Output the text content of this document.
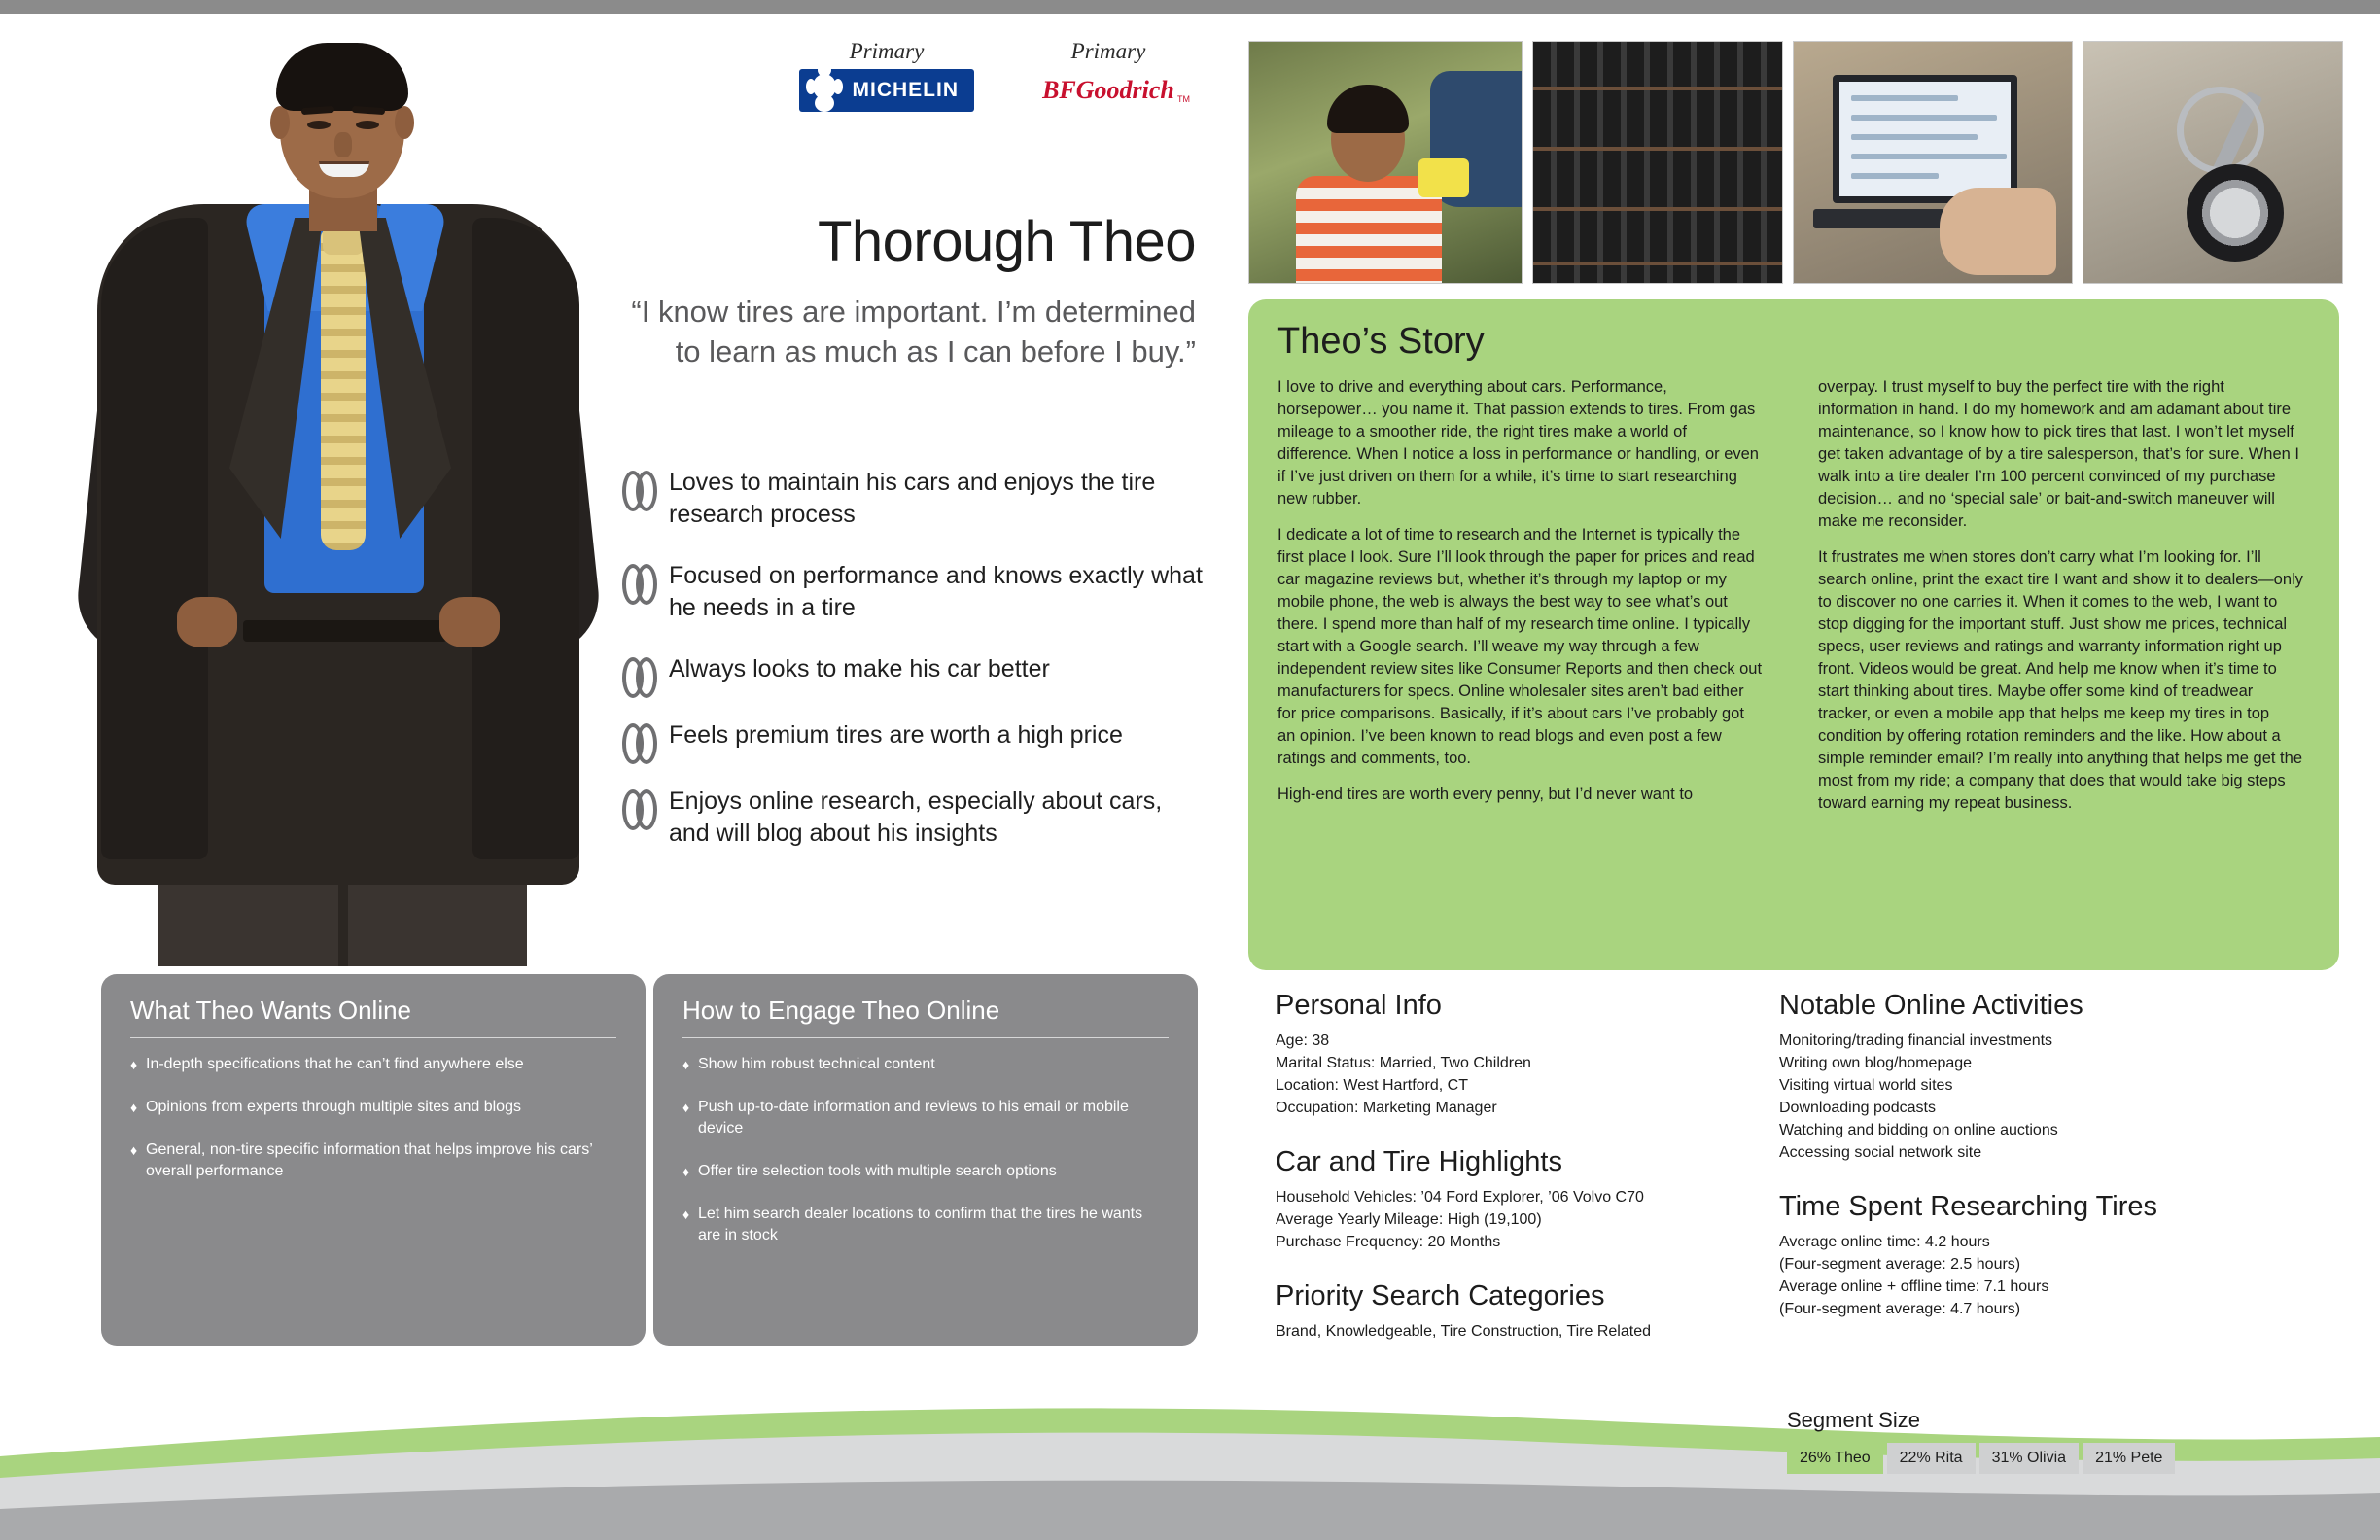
Primary
MICHELIN
Primary
BFGoodrich TM
Thorough Theo
“I know tires are important. I’m determined to learn as much as I can before I buy.”
Loves to maintain his cars and enjoys the tire research process
Focused on performance and knows exactly what he needs in a tire
Always looks to make his car better
Feels premium tires are worth a high price
Enjoys online research, especially about cars, and will blog about his insights
What Theo Wants Online
♦ In-depth specifications that he can’t find anywhere else
♦ Opinions from experts through multiple sites and blogs
♦ General, non-tire specific information that helps improve his cars’ overall performance
How to Engage Theo Online
♦ Show him robust technical content
♦ Push up-to-date information and reviews to his email or mobile device
♦ Offer tire selection tools with multiple search options
♦ Let him search dealer locations to confirm that the tires he wants are in stock
Theo’s Story

I love to drive and everything about cars. Performance, horsepower… you name it. That passion extends to tires. From gas mileage to a smoother ride, the right tires make a world of difference. When I notice a loss in performance or handling, or even if I’ve just driven on them for a while, it’s time to start researching new rubber.

I dedicate a lot of time to research and the Internet is typically the first place I look. Sure I’ll look through the paper for prices and read car magazine reviews but, whether it’s through my laptop or my mobile phone, the web is always the best way to see what’s out there. I spend more than half of my research time online. I typically start with a Google search. I’ll weave my way through a few independent review sites like Consumer Reports and then check out manufacturers for specs. Online wholesaler sites aren’t bad either for price comparisons. Basically, if it’s about cars I’ve probably got an opinion. I’ve been known to read blogs and even post a few ratings and comments, too.

High-end tires are worth every penny, but I’d never want to

overpay. I trust myself to buy the perfect tire with the right information in hand. I do my homework and am adamant about tire maintenance, so I know how to pick tires that last. I won’t let myself get taken advantage of by a tire salesperson, that’s for sure. When I walk into a tire dealer I’m 100 percent convinced of my purchase decision… and no ‘special sale’ or bait-and-switch maneuver will make me reconsider.

It frustrates me when stores don’t carry what I’m looking for. I’ll search online, print the exact tire I want and show it to dealers—only to discover no one carries it. When it comes to the web, I want to stop digging for the important stuff. Just show me prices, technical specs, user reviews and ratings and warranty information right up front. Videos would be great. And help me know when it’s time to start thinking about tires. Maybe offer some kind of treadwear tracker, or even a mobile app that helps me keep my tires in top condition by offering rotation reminders and the like. How about a simple reminder email? I’m really into anything that helps me get the most from my ride; a company that does that would take big steps toward earning my repeat business.

Personal Info
Age: 38
Marital Status: Married, Two Children
Location: West Hartford, CT
Occupation: Marketing Manager
Car and Tire Highlights
Household Vehicles: ’04 Ford Explorer, ’06 Volvo C70
Average Yearly Mileage: High (19,100)
Purchase Frequency: 20 Months
Priority Search Categories
Brand, Knowledgeable, Tire Construction, Tire Related
Notable Online Activities
Monitoring/trading financial investments
Writing own blog/homepage
Visiting virtual world sites
Downloading podcasts
Watching and bidding on online auctions
Accessing social network site
Time Spent Researching Tires
Average online time: 4.2 hours
(Four-segment average: 2.5 hours)
Average online + offline time: 7.1 hours
(Four-segment average: 4.7 hours)
Segment Size
26% Theo	22% Rita	31% Olivia	21% Pete
